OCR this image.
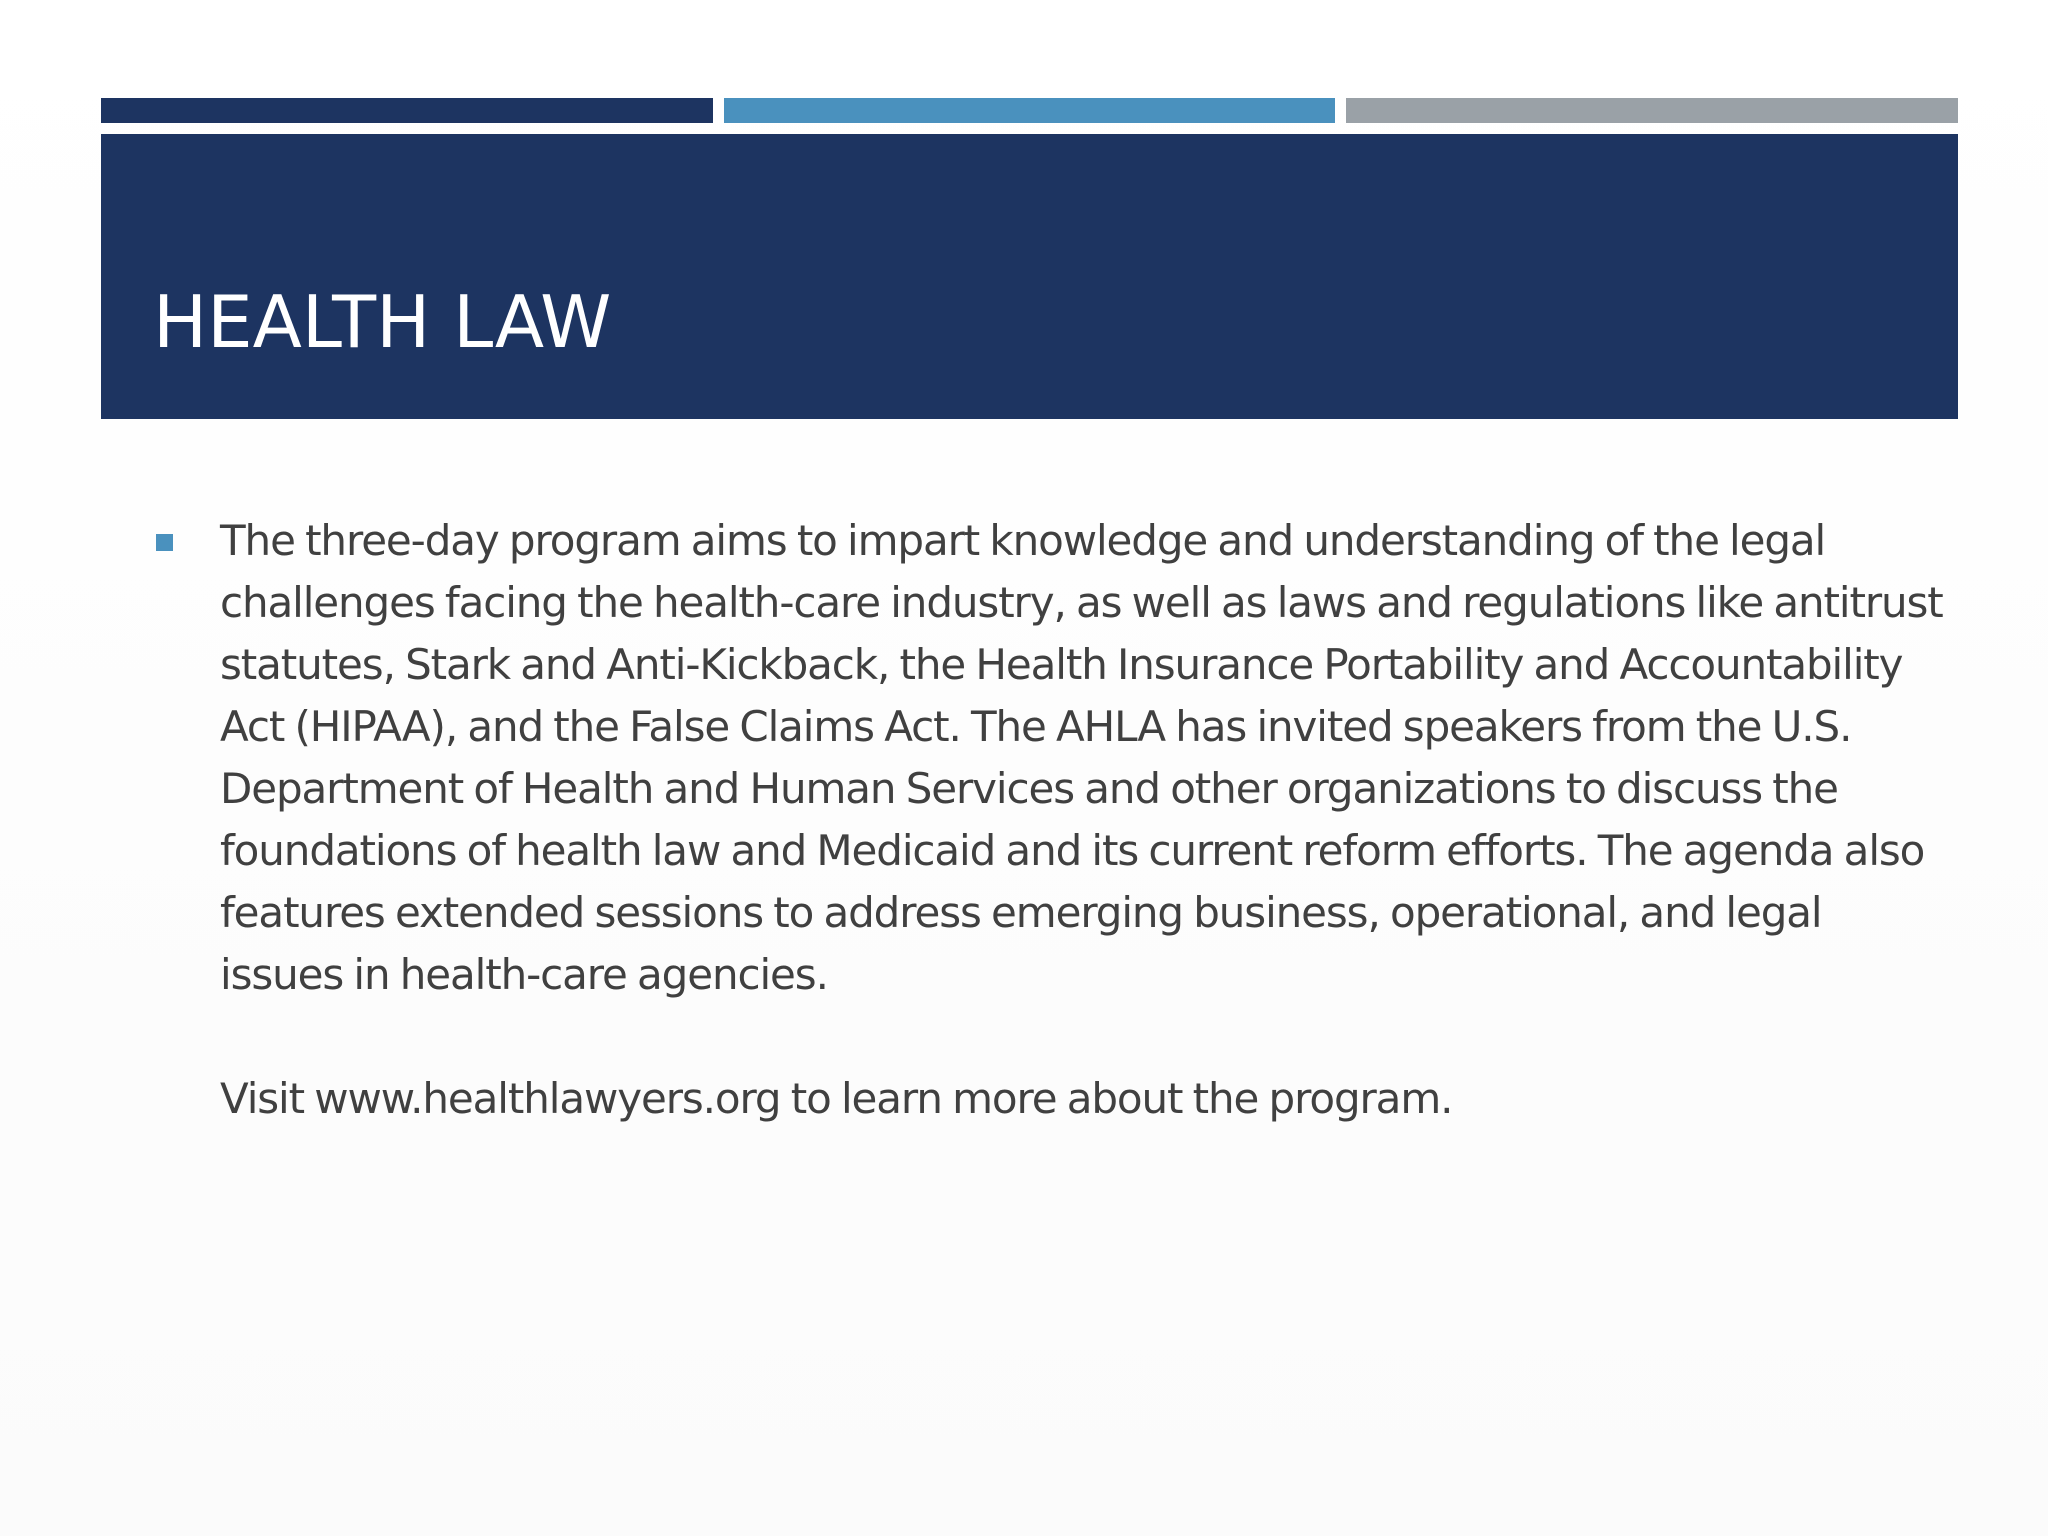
HEALTH LAW

The three-day program aims to impart knowledge and understanding of the legal challenges facing the health-care industry, as well as laws and regulations like antitrust statutes, Stark and Anti-Kickback, the Health Insurance Portability and Accountability Act (HIPAA), and the False Claims Act. The AHLA has invited speakers from the U.S. Department of Health and Human Services and other organizations to discuss the foundations of health law and Medicaid and its current reform efforts. The agenda also features extended sessions to address emerging business, operational, and legal issues in health-care agencies.

Visit www.healthlawyers.org to learn more about the program.
